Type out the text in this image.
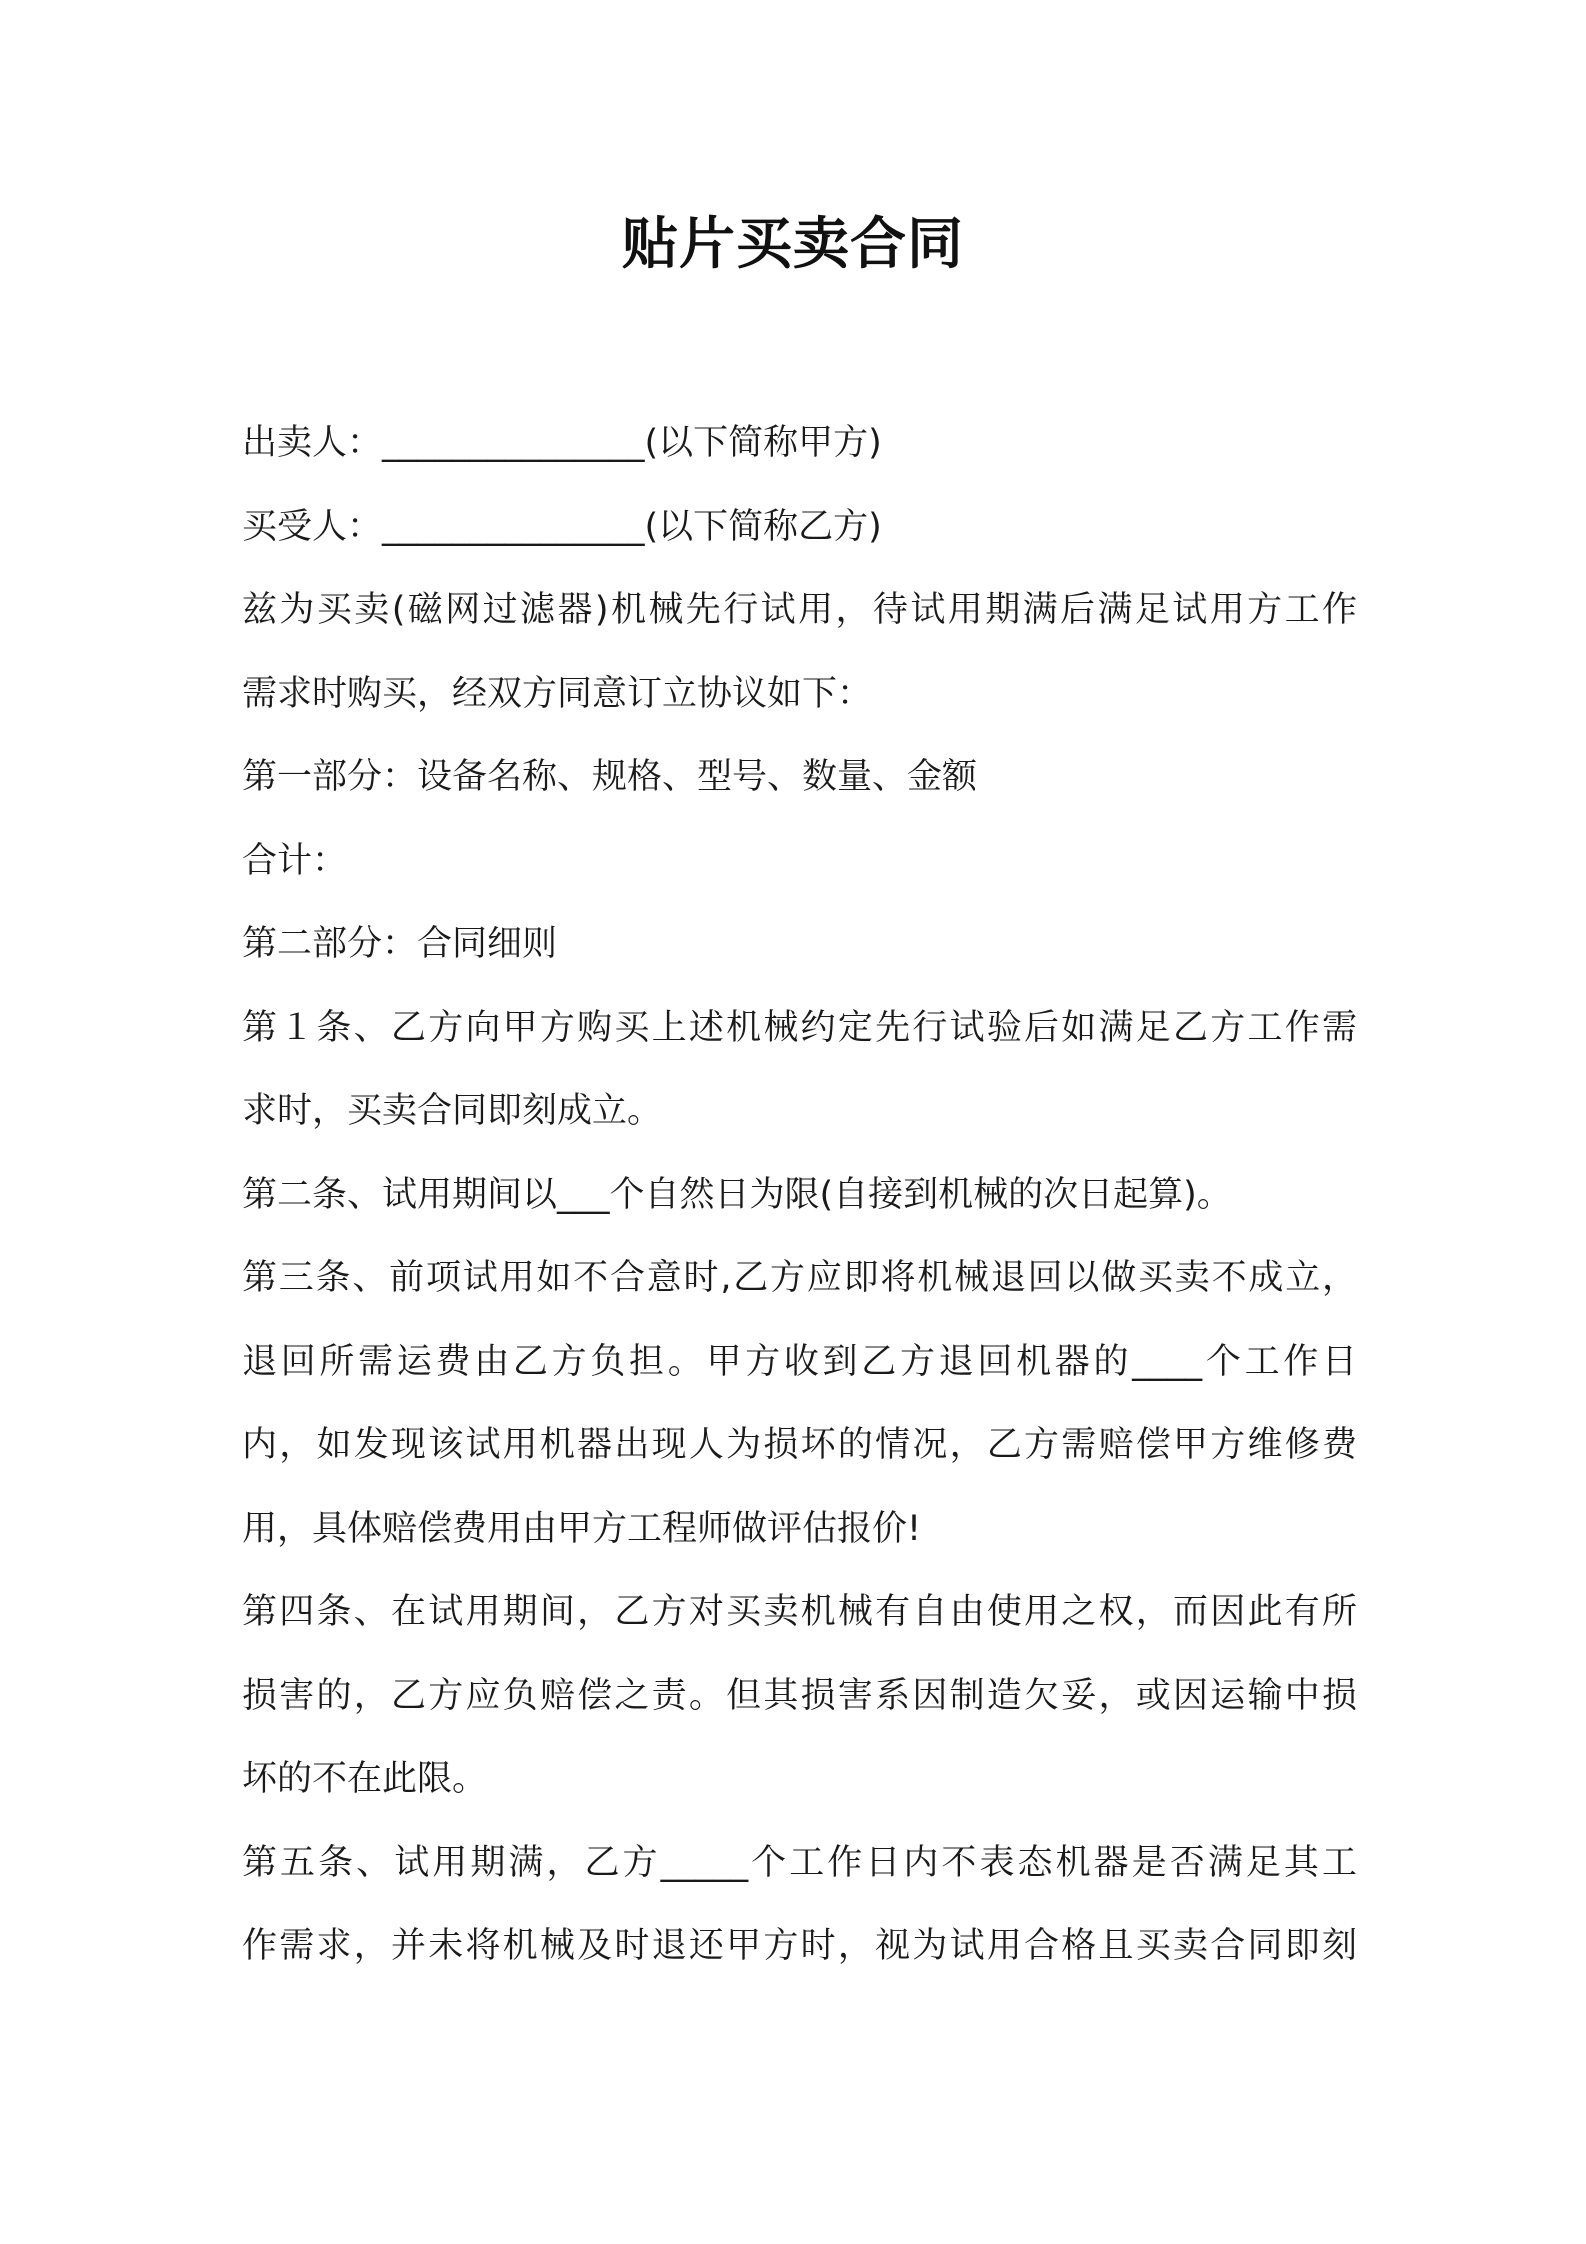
贴片买卖合同
出卖人：_______________(以下简称甲方)
买受人：_______________(以下简称乙方)
兹为买卖(磁网过滤器)机械先行试用，待试用期满后满足试用方工作
需求时购买，经双方同意订立协议如下：
第一部分：设备名称、规格、型号、数量、金额
合计：
第二部分：合同细则
第１条、乙方向甲方购买上述机械约定先行试验后如满足乙方工作需
求时，买卖合同即刻成立。
第二条、试用期间以___个自然日为限(自接到机械的次日起算)。
第三条、前项试用如不合意时,乙方应即将机械退回以做买卖不成立，
退回所需运费由乙方负担。甲方收到乙方退回机器的____个工作日
内，如发现该试用机器出现人为损坏的情况，乙方需赔偿甲方维修费
用，具体赔偿费用由甲方工程师做评估报价!
第四条、在试用期间，乙方对买卖机械有自由使用之权，而因此有所
损害的，乙方应负赔偿之责。但其损害系因制造欠妥，或因运输中损
坏的不在此限。
第五条、试用期满，乙方_____个工作日内不表态机器是否满足其工
作需求，并未将机械及时退还甲方时，视为试用合格且买卖合同即刻
